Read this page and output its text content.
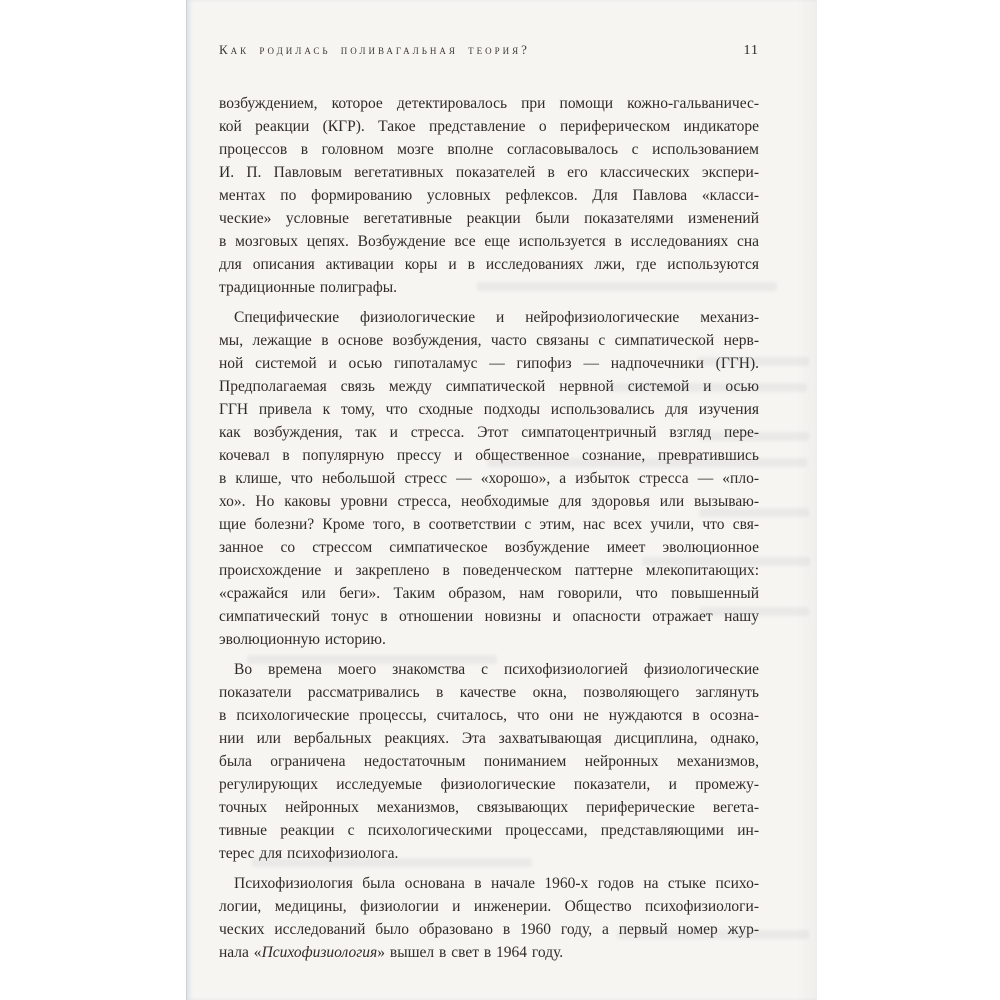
Как родилась поливагальная теория?	11
возбуждением, которое детектировалось при помощи кожно-гальваничес-
кой реакции (КГР). Такое представление о периферическом индикаторе
процессов в головном мозге вполне согласовывалось с использованием
И. П. Павловым вегетативных показателей в его классических экспери-
ментах по формированию условных рефлексов. Для Павлова «класси-
ческие» условные вегетативные реакции были показателями изменений
в мозговых цепях. Возбуждение все еще используется в исследованиях сна
для описания активации коры и в исследованиях лжи, где используются
традиционные полиграфы.
Специфические физиологические и нейрофизиологические механиз-
мы, лежащие в основе возбуждения, часто связаны с симпатической нерв-
ной системой и осью гипоталамус — гипофиз — надпочечники (ГГН).
Предполагаемая связь между симпатической нервной системой и осью
ГГН привела к тому, что сходные подходы использовались для изучения
как возбуждения, так и стресса. Этот симпатоцентричный взгляд пере-
кочевал в популярную прессу и общественное сознание, превратившись
в клише, что небольшой стресс — «хорошо», а избыток стресса — «пло-
хо». Но каковы уровни стресса, необходимые для здоровья или вызываю-
щие болезни? Кроме того, в соответствии с этим, нас всех учили, что свя-
занное со стрессом симпатическое возбуждение имеет эволюционное
происхождение и закреплено в поведенческом паттерне млекопитающих:
«сражайся или беги». Таким образом, нам говорили, что повышенный
симпатический тонус в отношении новизны и опасности отражает нашу
эволюционную историю.
Во времена моего знакомства с психофизиологией физиологические
показатели рассматривались в качестве окна, позволяющего заглянуть
в психологические процессы, считалось, что они не нуждаются в осозна-
нии или вербальных реакциях. Эта захватывающая дисциплина, однако,
была ограничена недостаточным пониманием нейронных механизмов,
регулирующих исследуемые физиологические показатели, и промежу-
точных нейронных механизмов, связывающих периферические вегета-
тивные реакции с психологическими процессами, представляющими ин-
терес для психофизиолога.
Психофизиология была основана в начале 1960-х годов на стыке психо-
логии, медицины, физиологии и инженерии. Общество психофизиологи-
ческих исследований было образовано в 1960 году, а первый номер жур-
нала «Психофизиология» вышел в свет в 1964 году.
